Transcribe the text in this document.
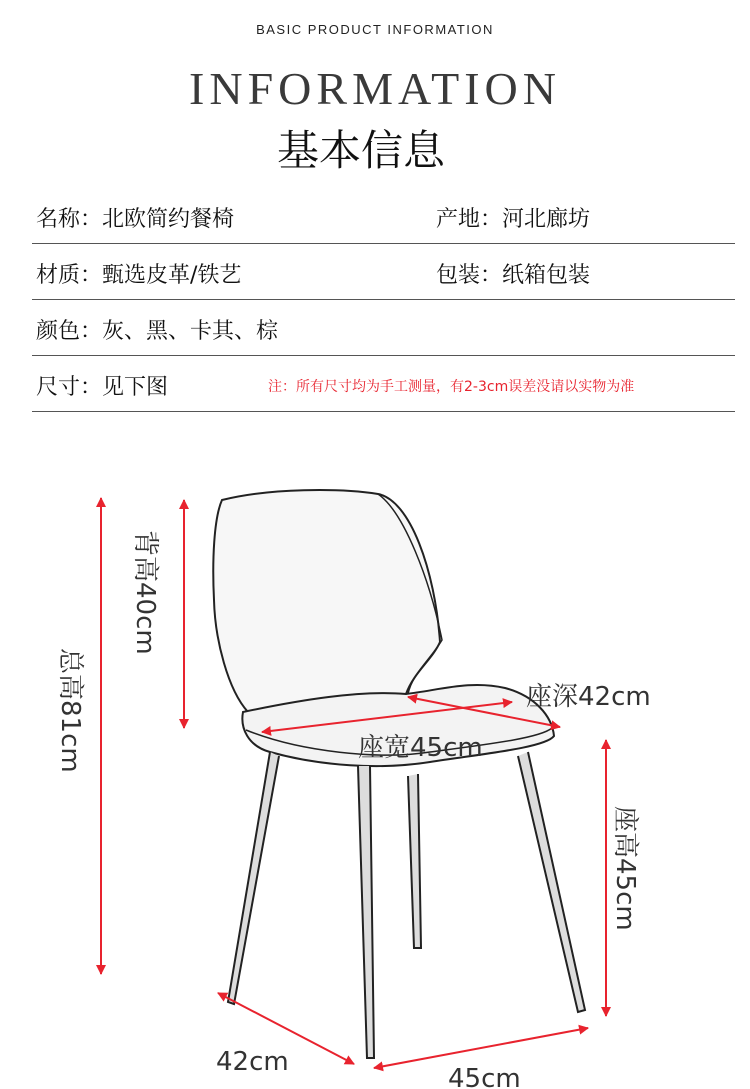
BASIC PRODUCT INFORMATION
INFORMATION
基本信息
名称：北欧简约餐椅	产地：河北廊坊
材质：甄选皮革/铁艺	包装：纸箱包装
颜色：灰、黑、卡其、棕
尺寸：见下图	注：所有尺寸均为手工测量，有2-3cm误差没请以实物为准
总高81cm
背高40cm
座深42cm
座宽45cm
座高45cm
42cm
45cm
